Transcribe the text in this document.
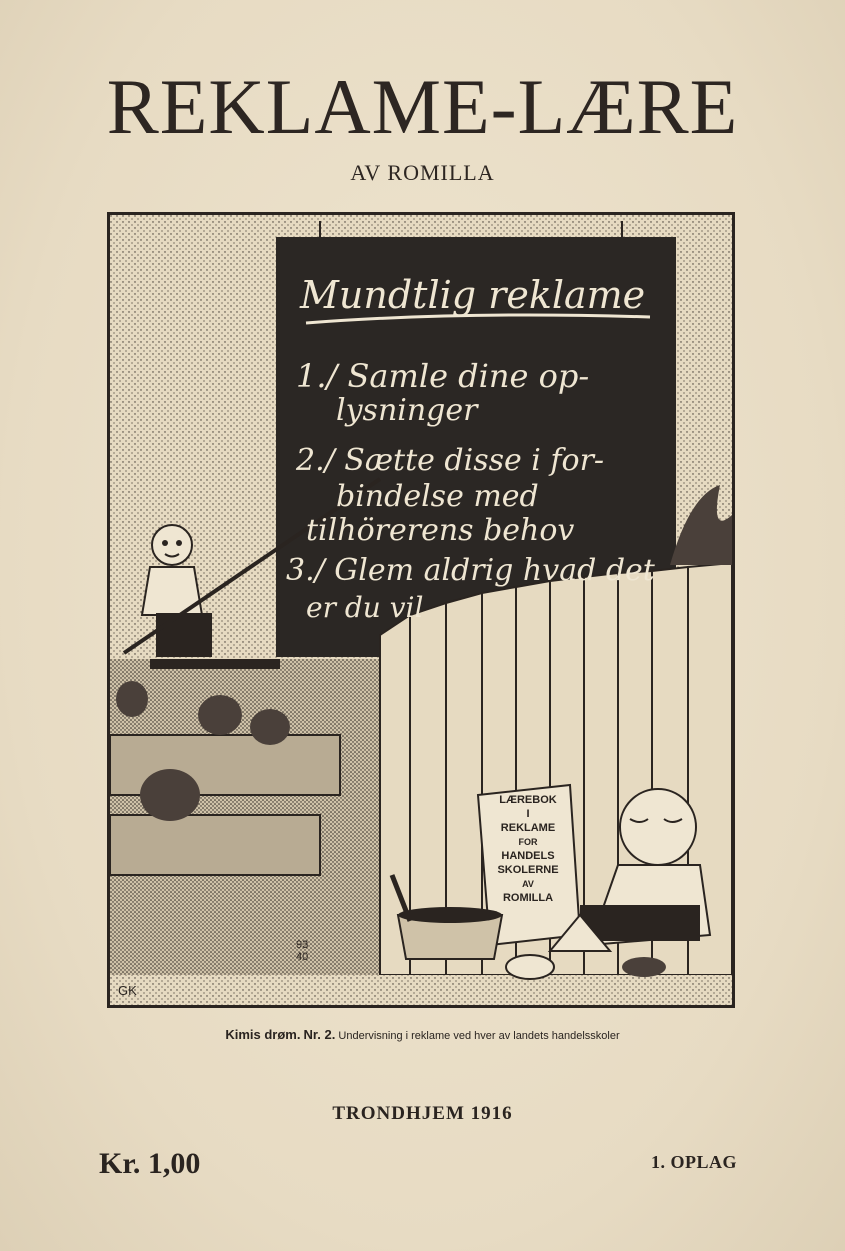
REKLAME-LÆRE
AV ROMILLA
Mundtlig reklame
1./ Samle dine op-
lysninger
2./ Sætte disse i for-
bindelse med
tilhörerens behov
3./ Glem aldrig hvad det
er du vil
LÆREBOK
I
REKLAME
FOR
HANDELS
SKOLERNE
AV
ROMILLA
GK
93
40
Kimis drøm. Nr. 2. Undervisning i reklame ved hver av landets handelsskoler
TRONDHJEM 1916
Kr. 1,00	1. OPLAG
